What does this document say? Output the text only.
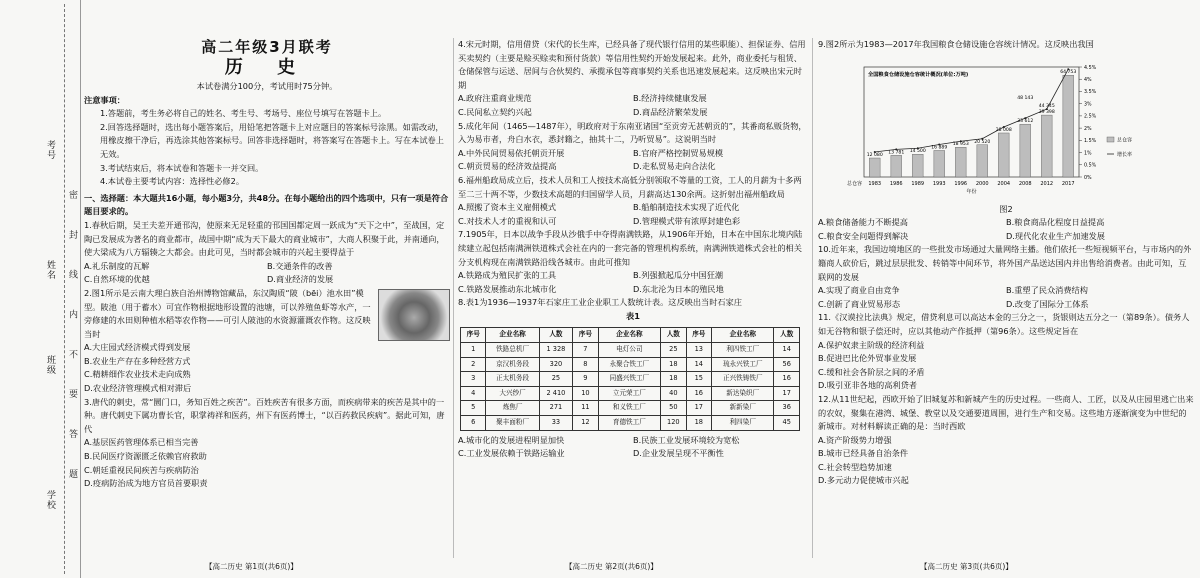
考号
姓名
班级
学校
密 封 线 内 不 要 答 题

高二年级3月联考

历 史

本试卷满分100分，考试用时75分钟。

注意事项：

1.答题前，考生务必将自己的姓名、考生号、考场号、座位号填写在答题卡上。

2.回答选择题时，选出每小题答案后，用铅笔把答题卡上对应题目的答案标号涂黑。如需改动，用橡皮擦干净后，再选涂其他答案标号。回答非选择题时，将答案写在答题卡上。写在本试卷上无效。

3.考试结束后，将本试卷和答题卡一并交回。

4.本试卷主要考试内容：选择性必修2。

一、选择题：本大题共16小题，每小题3分，共48分。在每小题给出的四个选项中，只有一项是符合题目要求的。

1.春秋后期，吴王夫差开通邗沟，使原来无足轻重的邗国国都定周一跃成为“天下之中”，至战国，定陶已发展成为著名的商业都市，战国中期“成为天下最大的商业城市”，大商人积聚于此，并南通向，使大梁成为八方辐辏之大都会。由此可见，当时都会城市的兴起主要得益于

A.礼乐制度的瓦解	B.交通条件的改善
C.自然环境的优越	D.商业经济的发展

2.图1所示是云南大理白族自治州博物馆藏品，东汉陶质“陂（bēi）池水田”模型。陂池（用于蓄水）可宜作物根据地形设置的池塘，可以养殖鱼虾等水产，一旁修建的水田则种植水稻等农作物——可引人陂池的水资源灌溉农作物。这反映当时

A.大庄园式经济模式得到发展

B.农业生产存在多种经营方式

C.精耕细作农业技术走向成熟

D.农业经济管理模式相对滞后

3.唐代的刺史，常“圜门口，务知百姓之疾苦”。百姓疾苦有很多方面，而疾病带来的疾苦是其中的一种。唐代刺史下属功曹长官，职掌祷祥和医药，州下有医药博士，“以百药救民疾病”。据此可知，唐代

A.基层医药管理体系已相当完善

B.民间医疗资源匮乏依赖官府救助

C.朝廷重视民间疾苦与疾病防治

D.疫病防治成为地方官员首要职责

4.宋元时期，信用借贷（宋代的长生库，已经具备了现代银行信用的某些职能）、担保证券、信用买卖契约（主要是赊买赊卖和预付货款）等信用性契约开始发展起来。此外，商业委托与租赁、仓储保管与运送、居间与合伙契约、承揽承包等商事契约关系也迅速发展起来。这反映出宋元时期

A.政府注重商业规范	B.经济持续健康发展
C.民间私立契约兴起	D.商品经济繁荣发展

5.成化年间（1465—1487年），明政府对于东南亚诸国“至贡旁无甚朝贡的”，其番商私贩货物，入为易市者，舟白水衣，悉封籍之，抽其十二，乃听贸易”。这说明当时

A.中外民间贸易依托朝贡开展	B.官府严格控制贸易规模
C.朝贡贸易的经济效益提高	D.走私贸易走向合法化

6.福州船政局成立后，技术人员和工人按技术高低分别领取不等量的工资，工人的月薪为十多两至二三十两不等，少数技术高超的归国留学人员，月薪高达130余两。这折射出福州船政局

A.照搬了资本主义雇佣模式	B.船舶制造技术实现了近代化
C.对技术人才的重视和认可	D.管理模式带有浓厚封建色彩

7.1905年，日本以战争手段从沙俄手中夺得南满铁路，从1906年开始，日本在中国东北境内陆续建立起包括南满洲铁道株式会社在内的一套完备的管理机构系统，南满洲铁道株式会社的相关分支机构现在南满铁路沿线各城市。由此可推知

A.铁路成为殖民扩张的工具	B.列强掀起瓜分中国狂潮
C.铁路发展推动东北城市化	D.东北沦为日本的殖民地

8.表1为1936—1937年石家庄工业企业职工人数统计表。这反映出当时石家庄

表1

序号	企业名称	人数	序号	企业名称	人数	序号	企业名称	人数
1	铁路总机厂	1 328	7	电灯公司	25	13	利四铁工厂	14
2	京汉机务段	320	8	永聚合铁工厂	18	14	琉永兴铁工厂	56
3	正太机务段	25	9	同盛兴铁工厂	18	15	正兴铁铸铁厂	16
4	大兴纱厂	2 410	10	立元荣工厂	40	16	新达染织厂	17
5	炼焦厂	271	11	和义铁工厂	50	17	新新染厂	36
6	聚丰面粉厂	33	12	育德铁工厂	120	18	利四染厂	45
A.城市化的发展进程明显加快	B.民族工业发展环境较为宽松
C.工业发展依赖于铁路运输业	D.企业发展呈现不平衡性

9.图2所示为1983—2017年我国粮食仓储设施仓容统计情况。这反映出我国

全国粮食仓储设施仓容统计概况(单位:万吨)
12 080
1983
13 781
1986
14 500
1989
16 889
1993
18 953
1996
20 520
2000
28 008
2004
33 612
2008
39 398
2012
64 753
2017
48 143
44 345
总仓容
年份
0%
0.5%
1%
1.5%
2%
2.5%
3%
3.5%
4%
4.5%
总仓容
增长率

图2

A.粮食储备能力不断提高	B.粮食商品化程度日益提高
C.粮食安全问题得到解决	D.现代化农业生产加速发展

10.近年来，我国边境地区的一些批发市场通过大量网络主播。他们依托一些短视频平台，与市场内的外籍商人砍价后，跳过层层批发、转销等中间环节，将外国产品送达国内并出售给消费者。由此可知，互联网的发展

A.实现了商业自由竞争	B.重塑了民众消费结构
C.创新了商业贸易形态	D.改变了国际分工体系

11.《汉谟拉比法典》规定，借贷利息可以高达本金的三分之一，货银则达五分之一（第89条）。债务人如无谷物和银子偿还时，应以其他动产作抵押（第96条）。这些规定旨在

A.保护奴隶主阶级的经济利益

B.促进巴比伦外贸事业发展

C.缓和社会各阶层之间的矛盾

D.吸引亚非各地的高利贷者

12.从11世纪起，西欧开始了旧城复苏和新城产生的历史过程。一些商人、工匠，以及从庄园里逃亡出来的农奴，聚集在港湾、城堡、教堂以及交通要道周围，进行生产和交易。这些地方逐渐演变为中世纪的新城市。对材料解读正确的是：当时西欧

A.资产阶级势力增强

B.城市已经具备自治条件

C.社会转型趋势加速

D.多元动力促使城市兴起

【高二历史 第1页(共6页)】	【高二历史 第2页(共6页)】	【高二历史 第3页(共6页)】
